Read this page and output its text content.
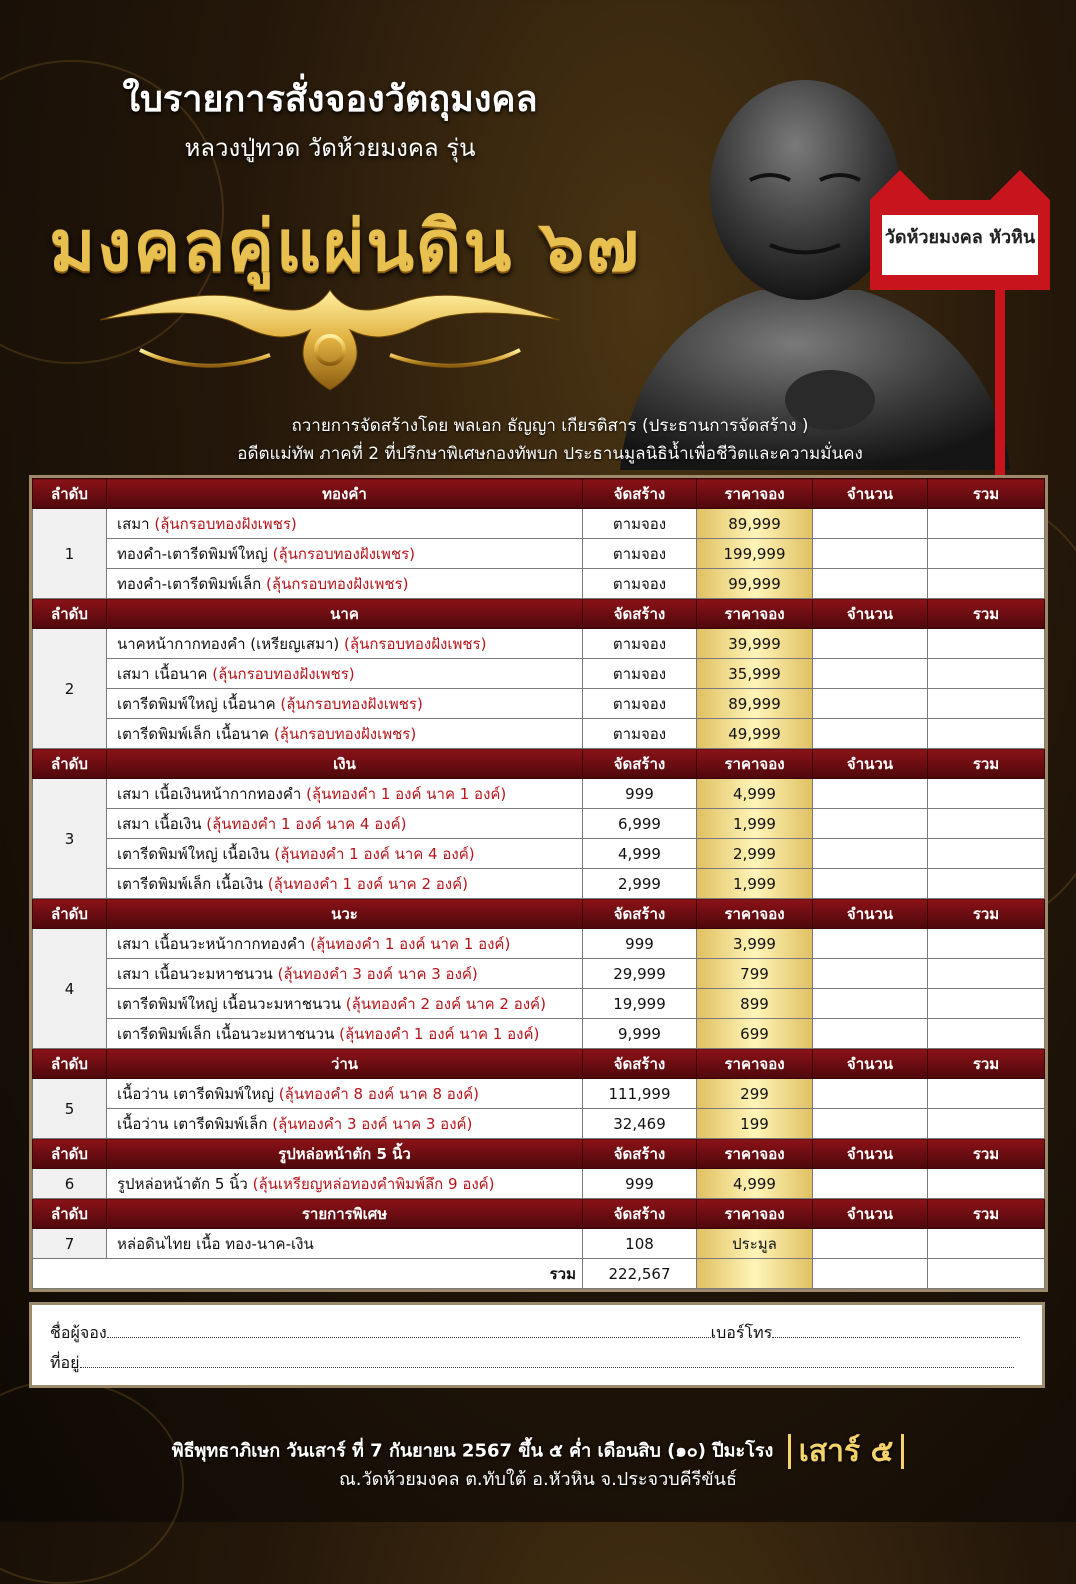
ใบรายการสั่งจองวัตถุมงคล
หลวงปู่ทวด วัดห้วยมงคล รุ่น
มงคลคู่แผ่นดิน ๖๗	วัดห้วยมงคล หัวหิน
ถวายการจัดสร้างโดย พลเอก ธัญญา เกียรติสาร (ประธานการจัดสร้าง )
อดีตแม่ทัพ ภาคที่ 2 ที่ปรึกษาพิเศษกองทัพบก ประธานมูลนิธิน้ำเพื่อชีวิตและความมั่นคง
ลำดับ	ทองคำ	จัดสร้าง	ราคาจอง	จำนวน	รวม
1	เสมา (ลุ้นกรอบทองฝังเพชร)	ตามจอง	89,999		
	ทองคำ-เตารีดพิมพ์ใหญ่ (ลุ้นกรอบทองฝังเพชร)	ตามจอง	199,999		
	ทองคำ-เตารีดพิมพ์เล็ก (ลุ้นกรอบทองฝังเพชร)	ตามจอง	99,999		
ลำดับ	นาค	จัดสร้าง	ราคาจอง	จำนวน	รวม
2	นาคหน้ากากทองคำ (เหรียญเสมา) (ลุ้นกรอบทองฝังเพชร)	ตามจอง	39,999		
	เสมา เนื้อนาค (ลุ้นกรอบทองฝังเพชร)	ตามจอง	35,999		
	เตารีดพิมพ์ใหญ่ เนื้อนาค (ลุ้นกรอบทองฝังเพชร)	ตามจอง	89,999		
	เตารีดพิมพ์เล็ก เนื้อนาค (ลุ้นกรอบทองฝังเพชร)	ตามจอง	49,999		
ลำดับ	เงิน	จัดสร้าง	ราคาจอง	จำนวน	รวม
3	เสมา เนื้อเงินหน้ากากทองคำ (ลุ้นทองคำ 1 องค์ นาค 1 องค์)	999	4,999		
	เสมา เนื้อเงิน (ลุ้นทองคำ 1 องค์ นาค 4 องค์)	6,999	1,999		
	เตารีดพิมพ์ใหญ่ เนื้อเงิน (ลุ้นทองคำ 1 องค์ นาค 4 องค์)	4,999	2,999		
	เตารีดพิมพ์เล็ก เนื้อเงิน (ลุ้นทองคำ 1 องค์ นาค 2 องค์)	2,999	1,999		
ลำดับ	นวะ	จัดสร้าง	ราคาจอง	จำนวน	รวม
4	เสมา เนื้อนวะหน้ากากทองคำ (ลุ้นทองคำ 1 องค์ นาค 1 องค์)	999	3,999		
	เสมา เนื้อนวะมหาชนวน (ลุ้นทองคำ 3 องค์ นาค 3 องค์)	29,999	799		
	เตารีดพิมพ์ใหญ่ เนื้อนวะมหาชนวน (ลุ้นทองคำ 2 องค์ นาค 2 องค์)	19,999	899		
	เตารีดพิมพ์เล็ก เนื้อนวะมหาชนวน (ลุ้นทองคำ 1 องค์ นาค 1 องค์)	9,999	699		
ลำดับ	ว่าน	จัดสร้าง	ราคาจอง	จำนวน	รวม
5	เนื้อว่าน เตารีดพิมพ์ใหญ่ (ลุ้นทองคำ 8 องค์ นาค 8 องค์)	111,999	299		
	เนื้อว่าน เตารีดพิมพ์เล็ก (ลุ้นทองคำ 3 องค์ นาค 3 องค์)	32,469	199		
ลำดับ	รูปหล่อหน้าตัก 5 นิ้ว	จัดสร้าง	ราคาจอง	จำนวน	รวม
6	รูปหล่อหน้าตัก 5 นิ้ว (ลุ้นเหรียญหล่อทองคำพิมพ์ลึก 9 องค์)	999	4,999		
ลำดับ	รายการพิเศษ	จัดสร้าง	ราคาจอง	จำนวน	รวม
7	หล่อดินไทย เนื้อ ทอง-นาค-เงิน	108	ประมูล		
รวม		222,567			
ชื่อผู้จอง	เบอร์โทร
ที่อยู่
พิธีพุทธาภิเษก วันเสาร์ ที่ 7 กันยายน 2567 ขึ้น ๕ ค่ำ เดือนสิบ (๑๐) ปีมะโรง เสาร์ ๕
ณ.วัดห้วยมงคล ต.ทับใต้ อ.หัวหิน จ.ประจวบคีรีขันธ์
